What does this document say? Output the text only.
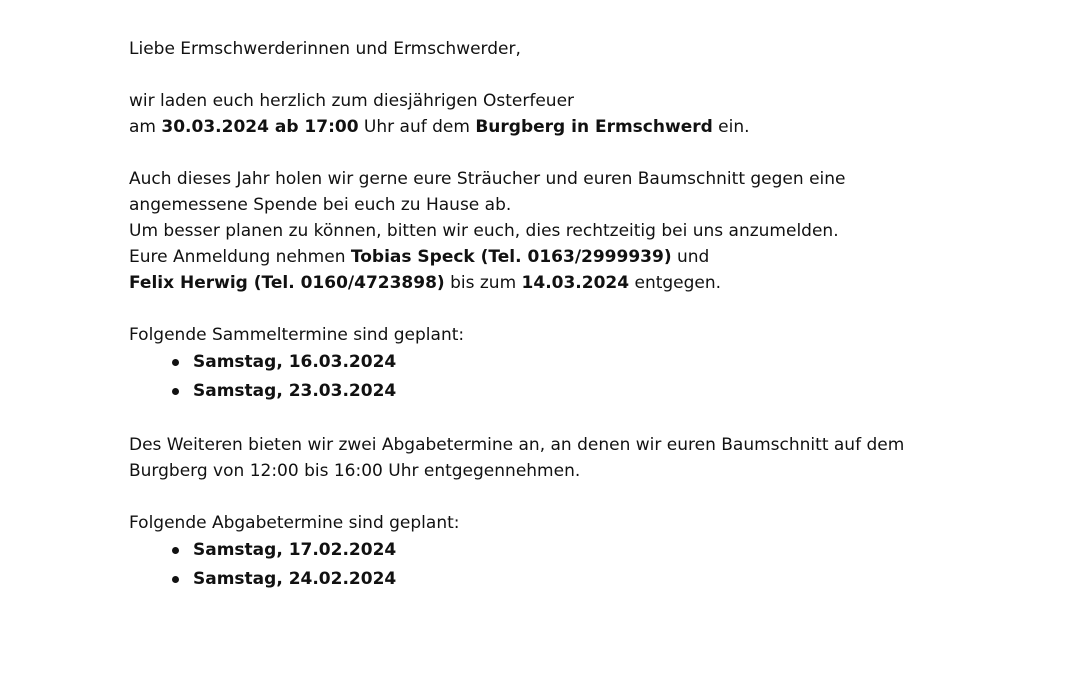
Liebe Ermschwerderinnen und Ermschwerder,
wir laden euch herzlich zum diesjährigen Osterfeuer
am 30.03.2024 ab 17:00 Uhr auf dem Burgberg in Ermschwerd ein.
Auch dieses Jahr holen wir gerne eure Sträucher und euren Baumschnitt gegen eine
angemessene Spende bei euch zu Hause ab.
Um besser planen zu können, bitten wir euch, dies rechtzeitig bei uns anzumelden.
Eure Anmeldung nehmen Tobias Speck (Tel. 0163/2999939) und
Felix Herwig (Tel. 0160/4723898) bis zum 14.03.2024 entgegen.
Folgende Sammeltermine sind geplant:
Samstag, 16.03.2024
Samstag, 23.03.2024
Des Weiteren bieten wir zwei Abgabetermine an, an denen wir euren Baumschnitt auf dem
Burgberg von 12:00 bis 16:00 Uhr entgegennehmen.
Folgende Abgabetermine sind geplant:
Samstag, 17.02.2024
Samstag, 24.02.2024
